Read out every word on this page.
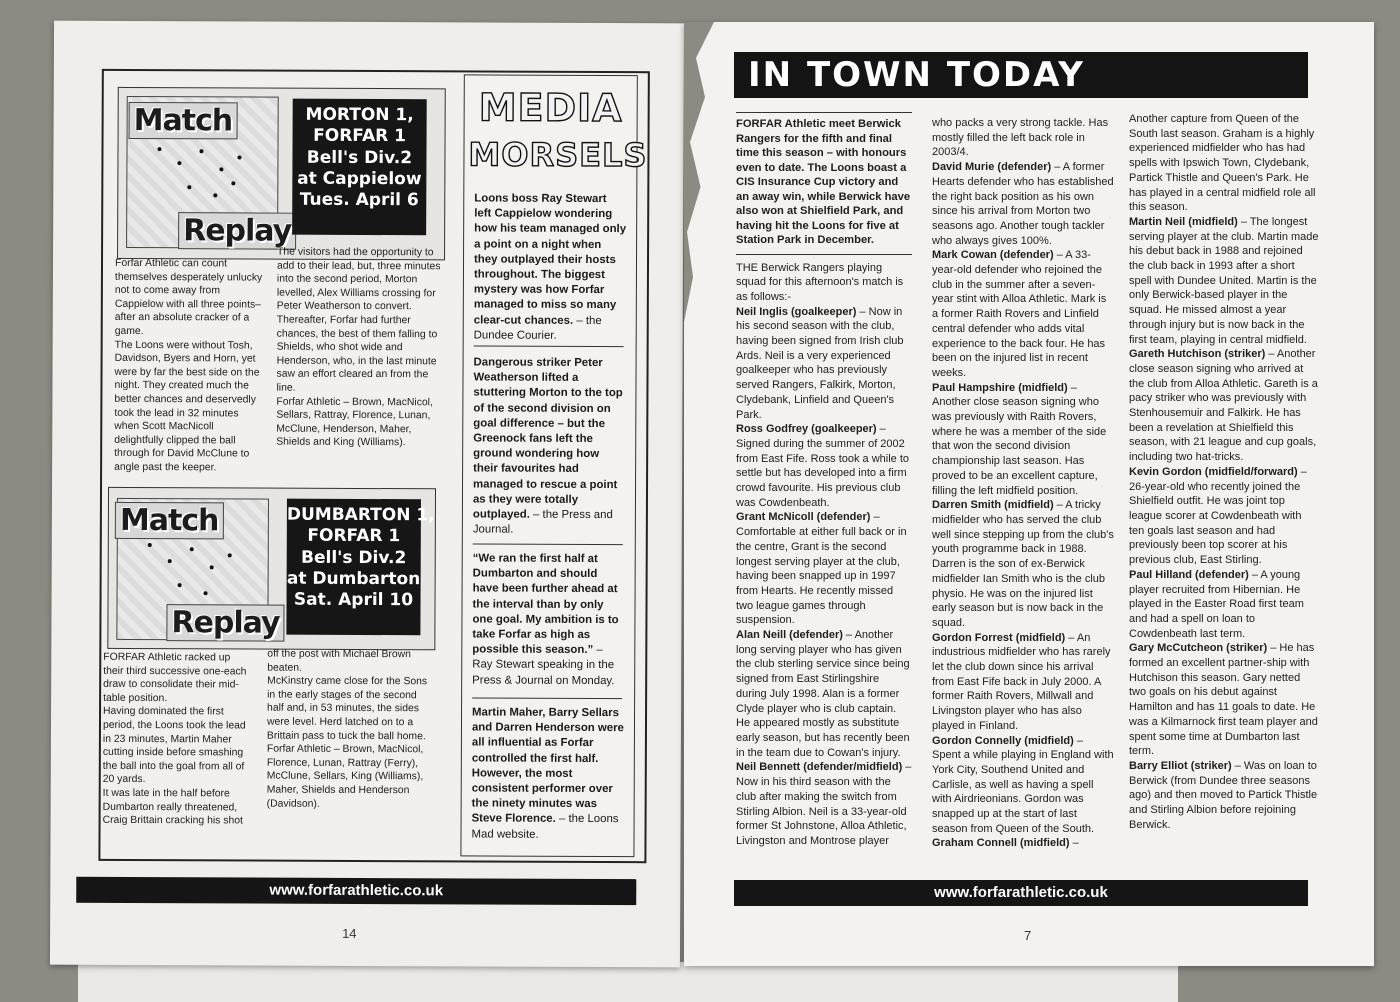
Match
Replay
MORTON 1,
FORFAR 1
Bell's Div.2
at Cappielow
Tues. April 6

Forfar Athletic can count themselves desperately unlucky not to come away from Cappielow with all three points– after an absolute cracker of a game.

The Loons were without Tosh, Davidson, Byers and Horn, yet were by far the best side on the night. They created much the better chances and deservedly took the lead in 32 minutes when Scott MacNicoll delightfully clipped the ball through for David McClune to angle past the keeper.

The visitors had the opportunity to add to their lead, but, three minutes into the second period, Morton levelled, Alex Williams crossing for Peter Weatherson to convert.

Thereafter, Forfar had further chances, the best of them falling to Shields, who shot wide and Henderson, who, in the last minute saw an effort cleared an from the line.

Forfar Athletic – Brown, MacNicol, Sellars, Rattray, Florence, Lunan, McClune, Henderson, Maher, Shields and King (Williams).

Match
Replay
DUMBARTON 1,
FORFAR 1
Bell's Div.2
at Dumbarton
Sat. April 10

FORFAR Athletic racked up their third successive one-each draw to consolidate their mid-table position.

Having dominated the first period, the Loons took the lead in 23 minutes, Martin Maher cutting inside before smashing the ball into the goal from all of 20 yards.

It was late in the half before Dumbarton really threatened, Craig Brittain cracking his shot

off the post with Michael Brown beaten.

McKinstry came close for the Sons in the early stages of the second half and, in 53 minutes, the sides were level. Herd latched on to a Brittain pass to tuck the ball home.

Forfar Athletic – Brown, MacNicol, Florence, Lunan, Rattray (Ferry), McClune, Sellars, King (Williams), Maher, Shields and Henderson (Davidson).

MEDIA
MORSELS

Loons boss Ray Stewart left Cappielow wondering how his team managed only a point on a night when they outplayed their hosts throughout. The biggest mystery was how Forfar managed to miss so many clear-cut chances. – the Dundee Courier.

Dangerous striker Peter Weatherson lifted a stuttering Morton to the top of the second division on goal difference – but the Greenock fans left the ground wondering how their favourites had managed to rescue a point as they were totally outplayed. – the Press and Journal.

“We ran the first half at Dumbarton and should have been further ahead at the interval than by only one goal. My ambition is to take Forfar as high as possible this season.” – Ray Stewart speaking in the Press & Journal on Monday.

Martin Maher, Barry Sellars and Darren Henderson were all influential as Forfar controlled the first half. However, the most consistent performer over the ninety minutes was Steve Florence. – the Loons Mad website.

www.forfarathletic.co.uk
14
IN TOWN TODAY

FORFAR Athletic meet Berwick Rangers for the fifth and final time this season – with honours even to date. The Loons boast a CIS Insurance Cup victory and an away win, while Berwick have also won at Shielfield Park, and having hit the Loons for five at Station Park in December.

THE Berwick Rangers playing squad for this afternoon's match is as follows:-

Neil Inglis (goalkeeper) – Now in his second season with the club, having been signed from Irish club Ards. Neil is a very experienced goalkeeper who has previously served Rangers, Falkirk, Morton, Clydebank, Linfield and Queen's Park.

Ross Godfrey (goalkeeper) – Signed during the summer of 2002 from East Fife. Ross took a while to settle but has developed into a firm crowd favourite. His previous club was Cowdenbeath.

Grant McNicoll (defender) – Comfortable at either full back or in the centre, Grant is the second longest serving player at the club, having been snapped up in 1997 from Hearts. He recently missed two league games through suspension.

Alan Neill (defender) – Another long serving player who has given the club sterling service since being signed from East Stirlingshire during July 1998. Alan is a former Clyde player who is club captain. He appeared mostly as substitute early season, but has recently been in the team due to Cowan's injury.

Neil Bennett (defender/midfield) – Now in his third season with the club after making the switch from Stirling Albion. Neil is a 33-year-old former St Johnstone, Alloa Athletic, Livingston and Montrose player

who packs a very strong tackle. Has mostly filled the left back role in 2003/4.

David Murie (defender) – A former Hearts defender who has established the right back position as his own since his arrival from Morton two seasons ago. Another tough tackler who always gives 100%.

Mark Cowan (defender) – A 33-year-old defender who rejoined the club in the summer after a seven-year stint with Alloa Athletic. Mark is a former Raith Rovers and Linfield central defender who adds vital experience to the back four. He has been on the injured list in recent weeks.

Paul Hampshire (midfield) – Another close season signing who was previously with Raith Rovers, where he was a member of the side that won the second division championship last season. Has proved to be an excellent capture, filling the left midfield position.

Darren Smith (midfield) – A tricky midfielder who has served the club well since stepping up from the club's youth programme back in 1988. Darren is the son of ex-Berwick midfielder Ian Smith who is the club physio. He was on the injured list early season but is now back in the squad.

Gordon Forrest (midfield) – An industrious midfielder who has rarely let the club down since his arrival from East Fife back in July 2000. A former Raith Rovers, Millwall and Livingston player who has also played in Finland.

Gordon Connelly (midfield) – Spent a while playing in England with York City, Southend United and Carlisle, as well as having a spell with Airdrieonians. Gordon was snapped up at the start of last season from Queen of the South.

Graham Connell (midfield) –

Another capture from Queen of the South last season. Graham is a highly experienced midfielder who has had spells with Ipswich Town, Clydebank, Partick Thistle and Queen's Park. He has played in a central midfield role all this season.

Martin Neil (midfield) – The longest serving player at the club. Martin made his debut back in 1988 and rejoined the club back in 1993 after a short spell with Dundee United. Martin is the only Berwick-based player in the squad. He missed almost a year through injury but is now back in the first team, playing in central midfield.

Gareth Hutchison (striker) – Another close season signing who arrived at the club from Alloa Athletic. Gareth is a pacy striker who was previously with Stenhousemuir and Falkirk. He has been a revelation at Shielfield this season, with 21 league and cup goals, including two hat-tricks.

Kevin Gordon (midfield/forward) – 26-year-old who recently joined the Shielfield outfit. He was joint top league scorer at Cowdenbeath with ten goals last season and had previously been top scorer at his previous club, East Stirling.

Paul Hilland (defender) – A young player recruited from Hibernian. He played in the Easter Road first team and had a spell on loan to Cowdenbeath last term.

Gary McCutcheon (striker) – He has formed an excellent partner-ship with Hutchison this season. Gary netted two goals on his debut against Hamilton and has 11 goals to date. He was a Kilmarnock first team player and spent some time at Dumbarton last term.

Barry Elliot (striker) – Was on loan to Berwick (from Dundee three seasons ago) and then moved to Partick Thistle and Stirling Albion before rejoining Berwick.

www.forfarathletic.co.uk
7
